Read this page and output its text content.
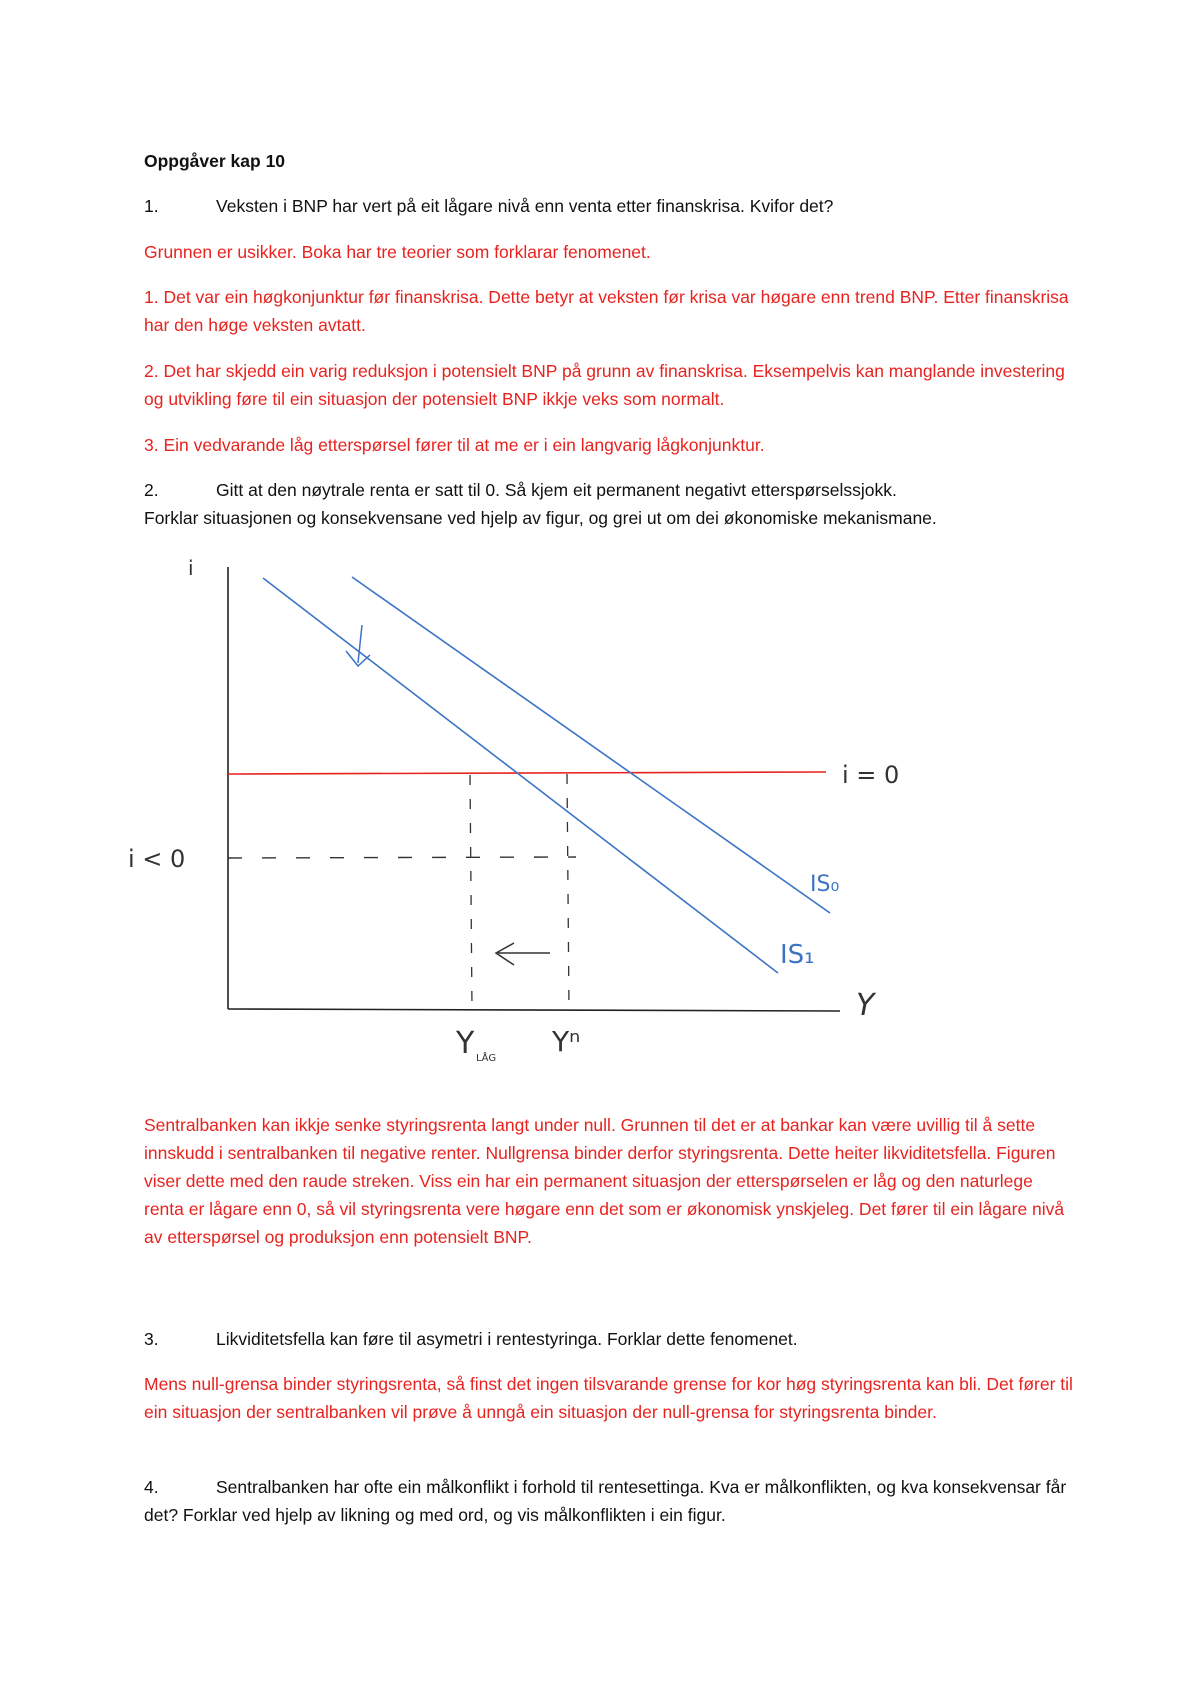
Oppgåver kap 10

1.	Veksten i BNP har vert på eit lågare nivå enn venta etter finanskrisa. Kvifor det?

Grunnen er usikker. Boka har tre teorier som forklarar fenomenet.

1. Det var ein høgkonjunktur før finanskrisa. Dette betyr at veksten før krisa var høgare enn trend BNP. Etter finanskrisa har den høge veksten avtatt.

2. Det har skjedd ein varig reduksjon i potensielt BNP på grunn av finanskrisa. Eksempelvis kan manglande investering og utvikling føre til ein situasjon der potensielt BNP ikkje veks som normalt.

3. Ein vedvarande låg etterspørsel fører til at me er i ein langvarig lågkonjunktur.

2.	Gitt at den nøytrale renta er satt til 0. Så kjem eit permanent negativt etterspørselssjokk.
Forklar situasjonen og konsekvensane ved hjelp av figur, og grei ut om dei økonomiske mekanismane.

i
Y
i = 0
IS₀
IS₁
i < 0
Y LÅG
Yⁿ

Sentralbanken kan ikkje senke styringsrenta langt under null. Grunnen til det er at bankar kan være uvillig til å sette innskudd i sentralbanken til negative renter. Nullgrensa binder derfor styringsrenta. Dette heiter likviditetsfella. Figuren viser dette med den raude streken. Viss ein har ein permanent situasjon der etterspørselen er låg og den naturlege renta er lågare enn 0, så vil styringsrenta vere høgare enn det som er økonomisk ynskjeleg. Det fører til ein lågare nivå av etterspørsel og produksjon enn potensielt BNP.

3.	Likviditetsfella kan føre til asymetri i rentestyringa. Forklar dette fenomenet.

Mens null-grensa binder styringsrenta, så finst det ingen tilsvarande grense for kor høg styringsrenta kan bli. Det fører til ein situasjon der sentralbanken vil prøve å unngå ein situasjon der null-grensa for styringsrenta binder.

4.	Sentralbanken har ofte ein målkonflikt i forhold til rentesettinga. Kva er målkonflikten, og kva konsekvensar får det? Forklar ved hjelp av likning og med ord, og vis målkonflikten i ein figur.
